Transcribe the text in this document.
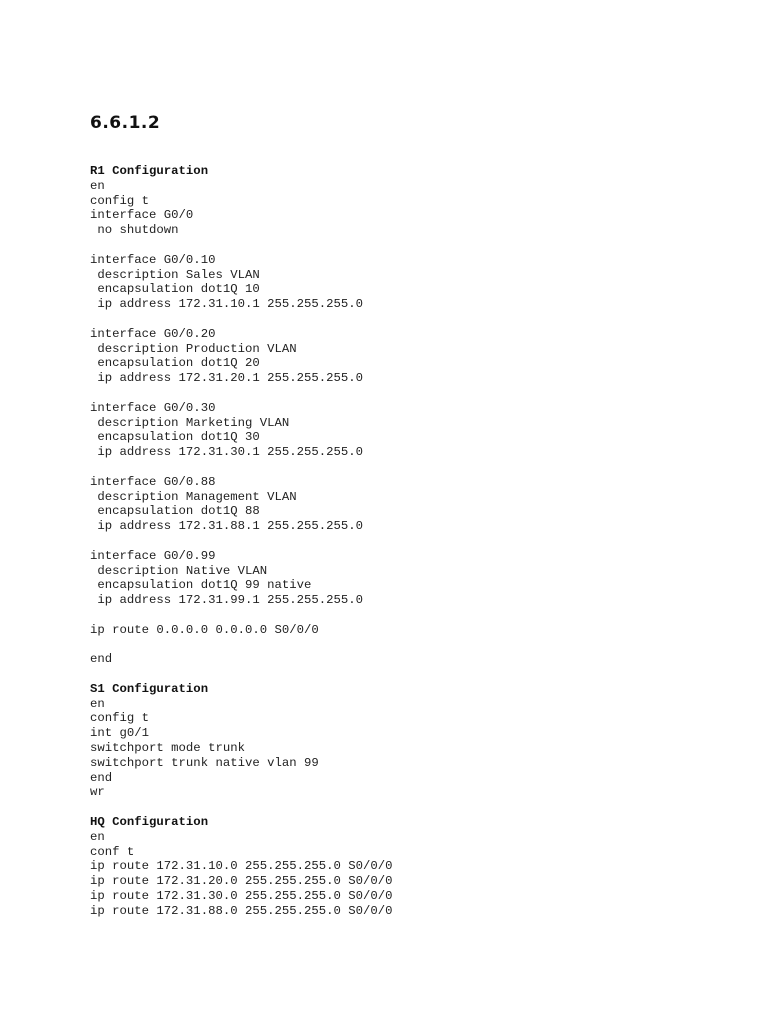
6.6.1.2
R1 Configuration
en
config t
interface G0/0
no shutdown
interface G0/0.10
description Sales VLAN
encapsulation dot1Q 10
ip address 172.31.10.1 255.255.255.0
interface G0/0.20
description Production VLAN
encapsulation dot1Q 20
ip address 172.31.20.1 255.255.255.0
interface G0/0.30
description Marketing VLAN
encapsulation dot1Q 30
ip address 172.31.30.1 255.255.255.0
interface G0/0.88
description Management VLAN
encapsulation dot1Q 88
ip address 172.31.88.1 255.255.255.0
interface G0/0.99
description Native VLAN
encapsulation dot1Q 99 native
ip address 172.31.99.1 255.255.255.0
ip route 0.0.0.0 0.0.0.0 S0/0/0
end
S1 Configuration
en
config t
int g0/1
switchport mode trunk
switchport trunk native vlan 99
end
wr
HQ Configuration
en
conf t
ip route 172.31.10.0 255.255.255.0 S0/0/0
ip route 172.31.20.0 255.255.255.0 S0/0/0
ip route 172.31.30.0 255.255.255.0 S0/0/0
ip route 172.31.88.0 255.255.255.0 S0/0/0
